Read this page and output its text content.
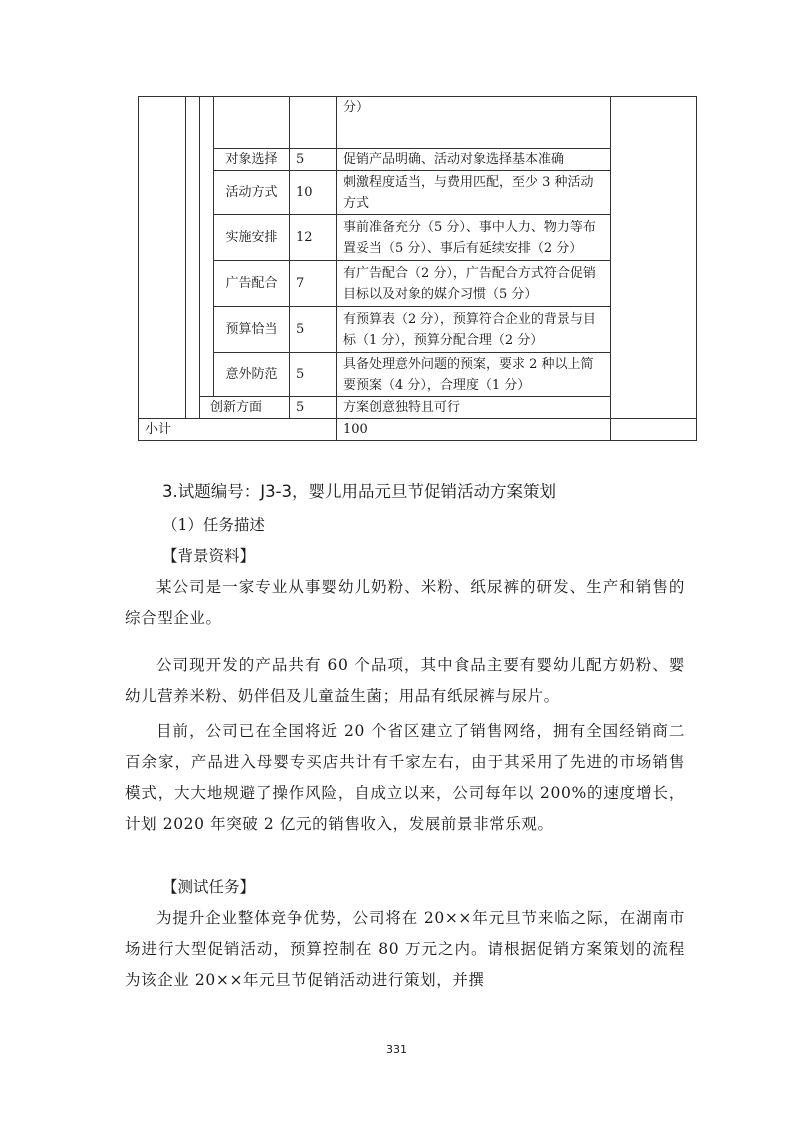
					分）	
			对象选择	5	促销产品明确、活动对象选择基本准确	
			活动方式	10	刺激程度适当，与费用匹配，至少 3 种活动方式	
			实施安排	12	事前准备充分（5 分）、事中人力、物力等布置妥当（5 分）、事后有延续安排（2 分）	
			广告配合	7	有广告配合（2 分），广告配合方式符合促销目标以及对象的媒介习惯（5 分）	
			预算恰当	5	有预算表（2 分），预算符合企业的背景与目标（1 分），预算分配合理（2 分）	
			意外防范	5	具备处理意外问题的预案，要求 2 种以上简要预案（4 分），合理度（1 分）	
		创新方面		5	方案创意独特且可行	
小计					100	
3.试题编号：J3-3，婴儿用品元旦节促销活动方案策划

（1）任务描述

【背景资料】

某公司是一家专业从事婴幼儿奶粉、米粉、纸尿裤的研发、生产和销售的综合型企业。

公司现开发的产品共有 60 个品项，其中食品主要有婴幼儿配方奶粉、婴幼儿营养米粉、奶伴侣及儿童益生菌；用品有纸尿裤与尿片。

目前，公司已在全国将近 20 个省区建立了销售网络，拥有全国经销商二百余家，产品进入母婴专买店共计有千家左右，由于其采用了先进的市场销售模式，大大地规避了操作风险，自成立以来，公司每年以 200%的速度增长，计划 2020 年突破 2 亿元的销售收入，发展前景非常乐观。

【测试任务】

为提升企业整体竞争优势，公司将在 20××年元旦节来临之际，在湖南市场进行大型促销活动，预算控制在 80 万元之内。请根据促销方案策划的流程为该企业 20××年元旦节促销活动进行策划，并撰

331
